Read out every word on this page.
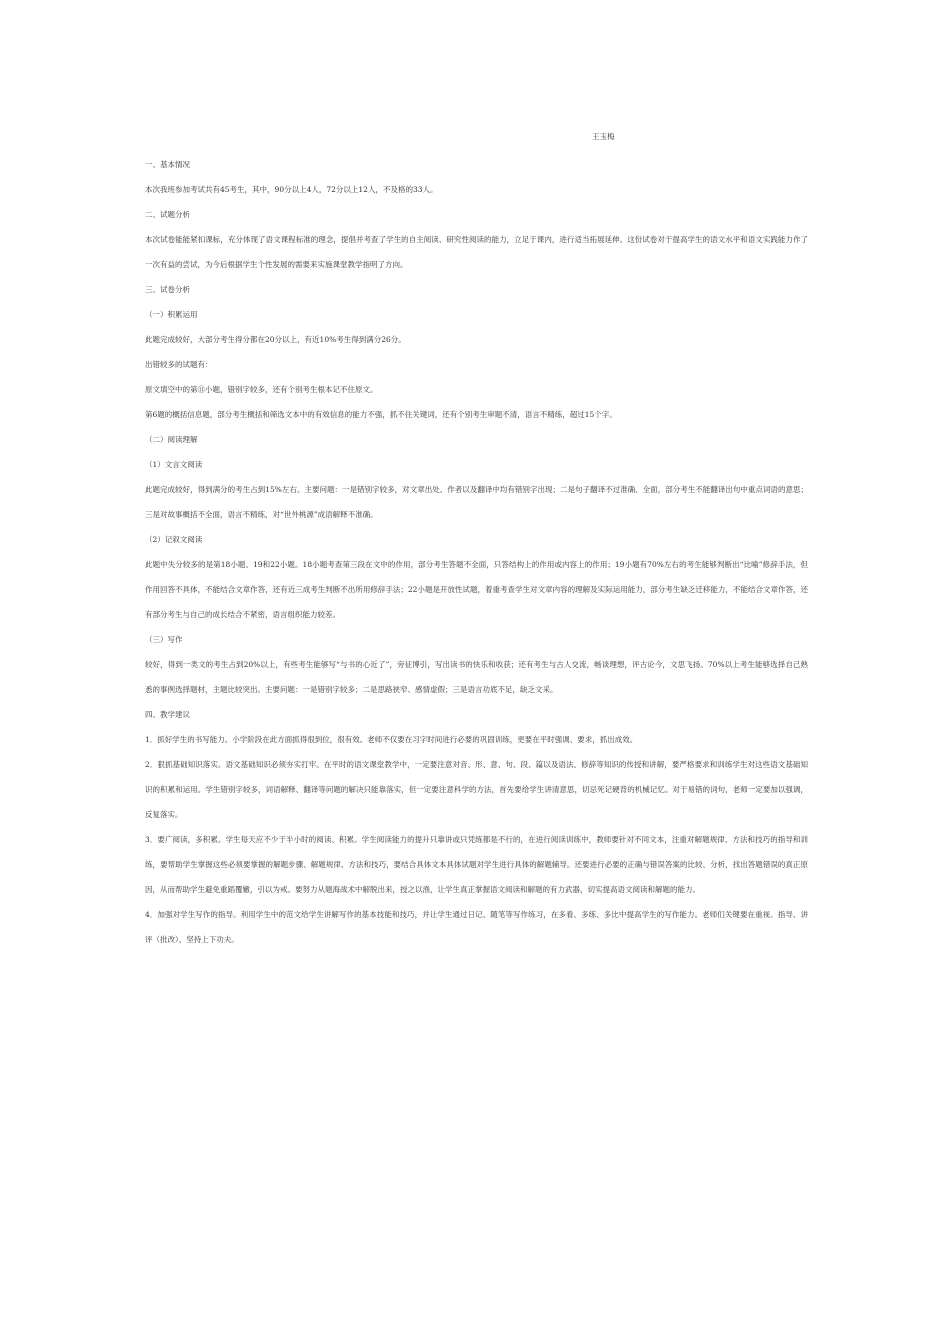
王玉梅

一、基本情况

本次我班参加考试共有45考生，其中，90分以上4人，72分以上12人，不及格的33人。

二、试题分析

本次试卷能能紧扣课标，充分体现了语文课程标准的理念，提倡并考查了学生的自主阅读、研究性阅读的能力，立足于课内，进行适当拓展延伸。这份试卷对于提高学生的语文水平和语文实践能力作了一次有益的尝试，为今后根据学生个性发展的需要来实施课堂教学指明了方向。

三、试卷分析

（一）积累运用

此题完成较好，大部分考生得分都在20分以上，有近10%考生得到满分26分。

出错较多的试题有：

原文填空中的第⑪小题，错别字较多，还有个别考生根本记不住原文。

第6题的概括信息题，部分考生概括和筛选文本中的有效信息的能力不强，抓不住关键词，还有个别考生审题不清，语言不精练，超过15个字。

（二）阅读理解

（1）文言文阅读

此题完成较好，得到满分的考生占到15%左右。主要问题：一是错别字较多，对文章出处、作者以及翻译中均有错别字出现；二是句子翻译不过准确、全面，部分考生不能翻译出句中重点词语的意思；三是对故事概括不全面，语言不精练，对“世外桃源”成语解释不准确。

（2）记叙文阅读

此题中失分较多的是第18小题、19和22小题。18小题考查第三段在文中的作用，部分考生答题不全面，只答结构上的作用或内容上的作用；19小题有70%左右的考生能够判断出“比喻”修辞手法，但作用回答不具体，不能结合文章作答，还有近三成考生判断不出所用修辞手法；22小题是开放性试题，着重考查学生对文章内容的理解及实际运用能力，部分考生缺乏迁移能力，不能结合文章作答，还有部分考生与自己的成长结合不紧密，语言组织能力较差。

（三）写作

较好，得到一类文的考生占到20%以上，有些考生能够写“与书的心近了”，旁征博引，写出读书的快乐和收获；还有考生与古人交流，畅谈理想，评古论今，文思飞扬。70%以上考生能够选择自己熟悉的事例选择题材，主题比较突出。主要问题：一是错别字较多；二是思路狭窄、感情虚假；三是语言功底不足，缺乏文采。

四、教学建议

1．抓好学生的书写能力。小学阶段在此方面抓得很到位，很有效。老师不仅要在习字时间进行必要的巩固训练，更要在平时强调、要求，抓出成效。

2．狠抓基础知识落实。语文基础知识必须夯实打牢。在平时的语文课堂教学中，一定要注意对音、形、意、句、段、篇以及语法、修辞等知识的传授和讲解，要严格要求和训练学生对这些语文基础知识的积累和运用。学生错别字较多，词语解释、翻译等问题的解决只能靠落实，但一定要注意科学的方法，首先要给学生讲清意思，切忌死记硬背的机械记忆。对于易错的词句，老师一定要加以强调，反复落实。

3．要广阅读，多积累。学生每天应不少于半小时的阅读、积累。学生阅读能力的提升只靠讲或只凭练都是不行的，在进行阅读训练中，教师要针对不同文本，注重对解题规律、方法和技巧的指导和训练，要帮助学生掌握这些必须要掌握的解题步骤、解题规律、方法和技巧，要结合具体文本具体试题对学生进行具体的解题辅导。还要进行必要的正确与错误答案的比较、分析，找出答题错误的真正原因，从而帮助学生避免重蹈覆辙，引以为戒。要努力从题海战术中解脱出来，授之以渔，让学生真正掌握语文阅读和解题的有力武器，切实提高语文阅读和解题的能力。

4．加强对学生写作的指导。利用学生中的范文给学生讲解写作的基本技能和技巧，并让学生通过日记、随笔等写作练习，在多看、多练、多比中提高学生的写作能力。老师们关键要在重视、指导、讲评（批改）、坚持上下功夫。
